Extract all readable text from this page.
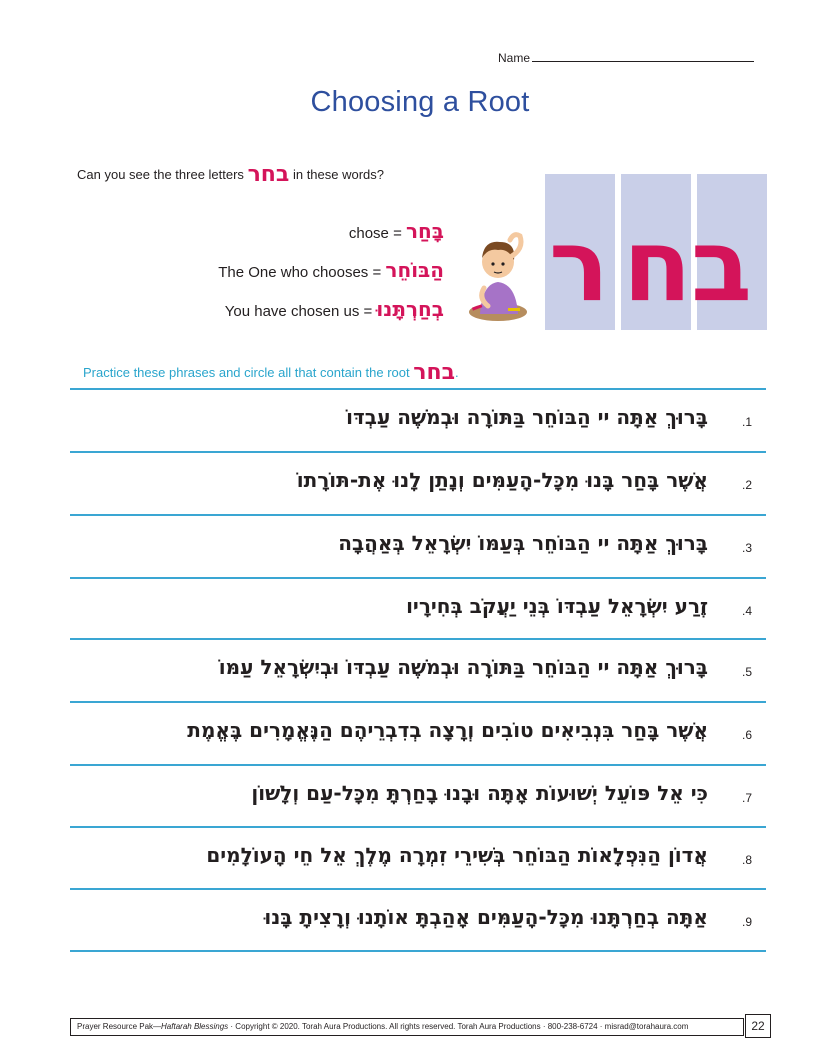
Name
Choosing a Root
Can you see the three letters בחר in these words?
chose = בָּחַר
The One who chooses = הַבּוֹחֵר
You have chosen us = בְחַרְתָּנוּ ב
ח
ר
Practice these phrases and circle all that contain the root בחר.
בָּרוּךְ אַתָּה יי הַבּוֹחֵר בַּתּוֹרָה וּבְמֹשֶׁה עַבְדּוֹ	.1
אֲשֶׁר בָּחַר בָּנוּ מִכָּל-הָעַמִּים וְנָתַן לָנוּ אֶת-תּוֹרָתוֹ	.2
בָּרוּךְ אַתָּה יי הַבּוֹחֵר בְּעַמּוֹ יִשְׂרָאֵל בְּאַהֲבָה	.3
זֶרַע יִשְׂרָאֵל עַבְדּוֹ בְּנֵי יַעֲקֹב בְּחִירָיו	.4
בָּרוּךְ אַתָּה יי הַבּוֹחֵר בַּתּוֹרָה וּבְמֹשֶׁה עַבְדּוֹ וּבְיִשְׂרָאֵל עַמּוֹ	.5
אֲשֶׁר בָּחַר בִּנְבִיאִים טוֹבִים וְרָצָה בְדִבְרֵיהֶם הַנֶּאֱמָרִים בֶּאֱמֶת	.6
כִּי אֵל פּוֹעֵל יְשׁוּעוֹת אָתָּה וּבָנוּ בָחַרְתָּ מִכָּל-עַם וְלָשׁוֹן	.7
אֲדוֹן הַנִּפְלָאוֹת הַבּוֹחֵר בְּשִׁירֵי זִמְרָה מֶלֶךְ אֵל חֵי הָעוֹלָמִים	.8
אַתָּה בְחַרְתָּנוּ מִכָּל-הָעַמִּים אָהַבְתָּ אוֹתָנוּ וְרָצִיתָ בָּנוּ	.9
Prayer Resource Pak—Haftarah Blessings · Copyright © 2020. Torah Aura Productions. All rights reserved. Torah Aura Productions · 800-238-6724 · misrad@torahaura.com	22
